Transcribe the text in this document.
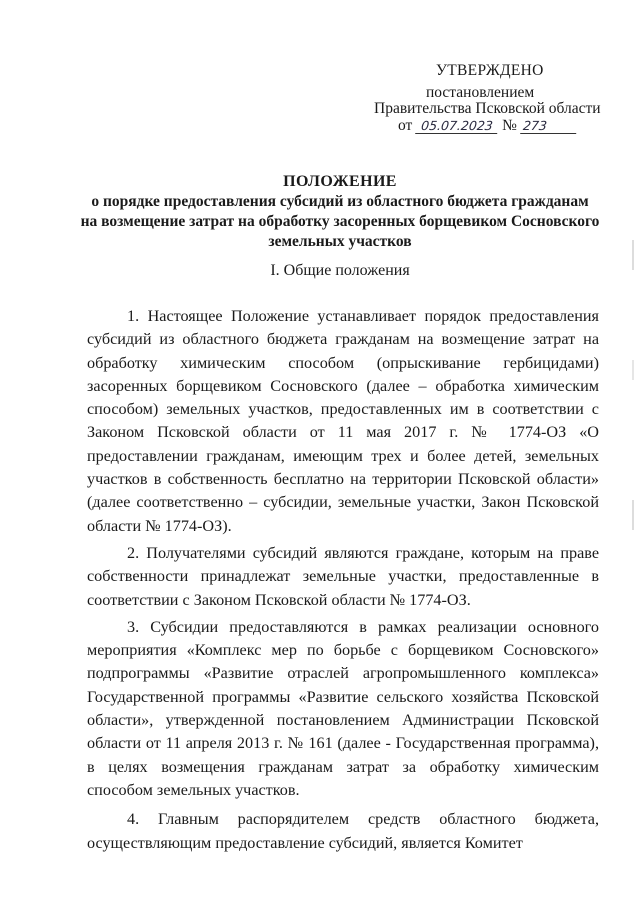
УТВЕРЖДЕНО
постановлением
Правительства Псковской области
от 05.07.2023 № 273
ПОЛОЖЕНИЕ
о порядке предоставления субсидий из областного бюджета гражданам
на возмещение затрат на обработку засоренных борщевиком Сосновского
земельных участков
I. Общие положения

1. Настоящее Положение устанавливает порядок предоставления субсидий из областного бюджета гражданам на возмещение затрат на обработку химическим способом (опрыскивание гербицидами) засоренных борщевиком Сосновского (далее – обработка химическим способом) земельных участков, предоставленных им в соответствии с Законом Псковской области от 11 мая 2017 г. № 1774-ОЗ «О предоставлении гражданам, имеющим трех и более детей, земельных участков в собственность бесплатно на территории Псковской области» (далее соответственно – субсидии, земельные участки, Закон Псковской области № 1774-ОЗ).

2. Получателями субсидий являются граждане, которым на праве собственности принадлежат земельные участки, предоставленные в соответствии с Законом Псковской области № 1774-ОЗ.

3. Субсидии предоставляются в рамках реализации основного мероприятия «Комплекс мер по борьбе с борщевиком Сосновского» подпрограммы «Развитие отраслей агропромышленного комплекса» Государственной программы «Развитие сельского хозяйства Псковской области», утвержденной постановлением Администрации Псковской области от 11 апреля 2013 г. № 161 (далее - Государственная программа), в целях возмещения гражданам затрат за обработку химическим способом земельных участков.

4. Главным распорядителем средств областного бюджета, осуществляющим предоставление субсидий, является Комитет
